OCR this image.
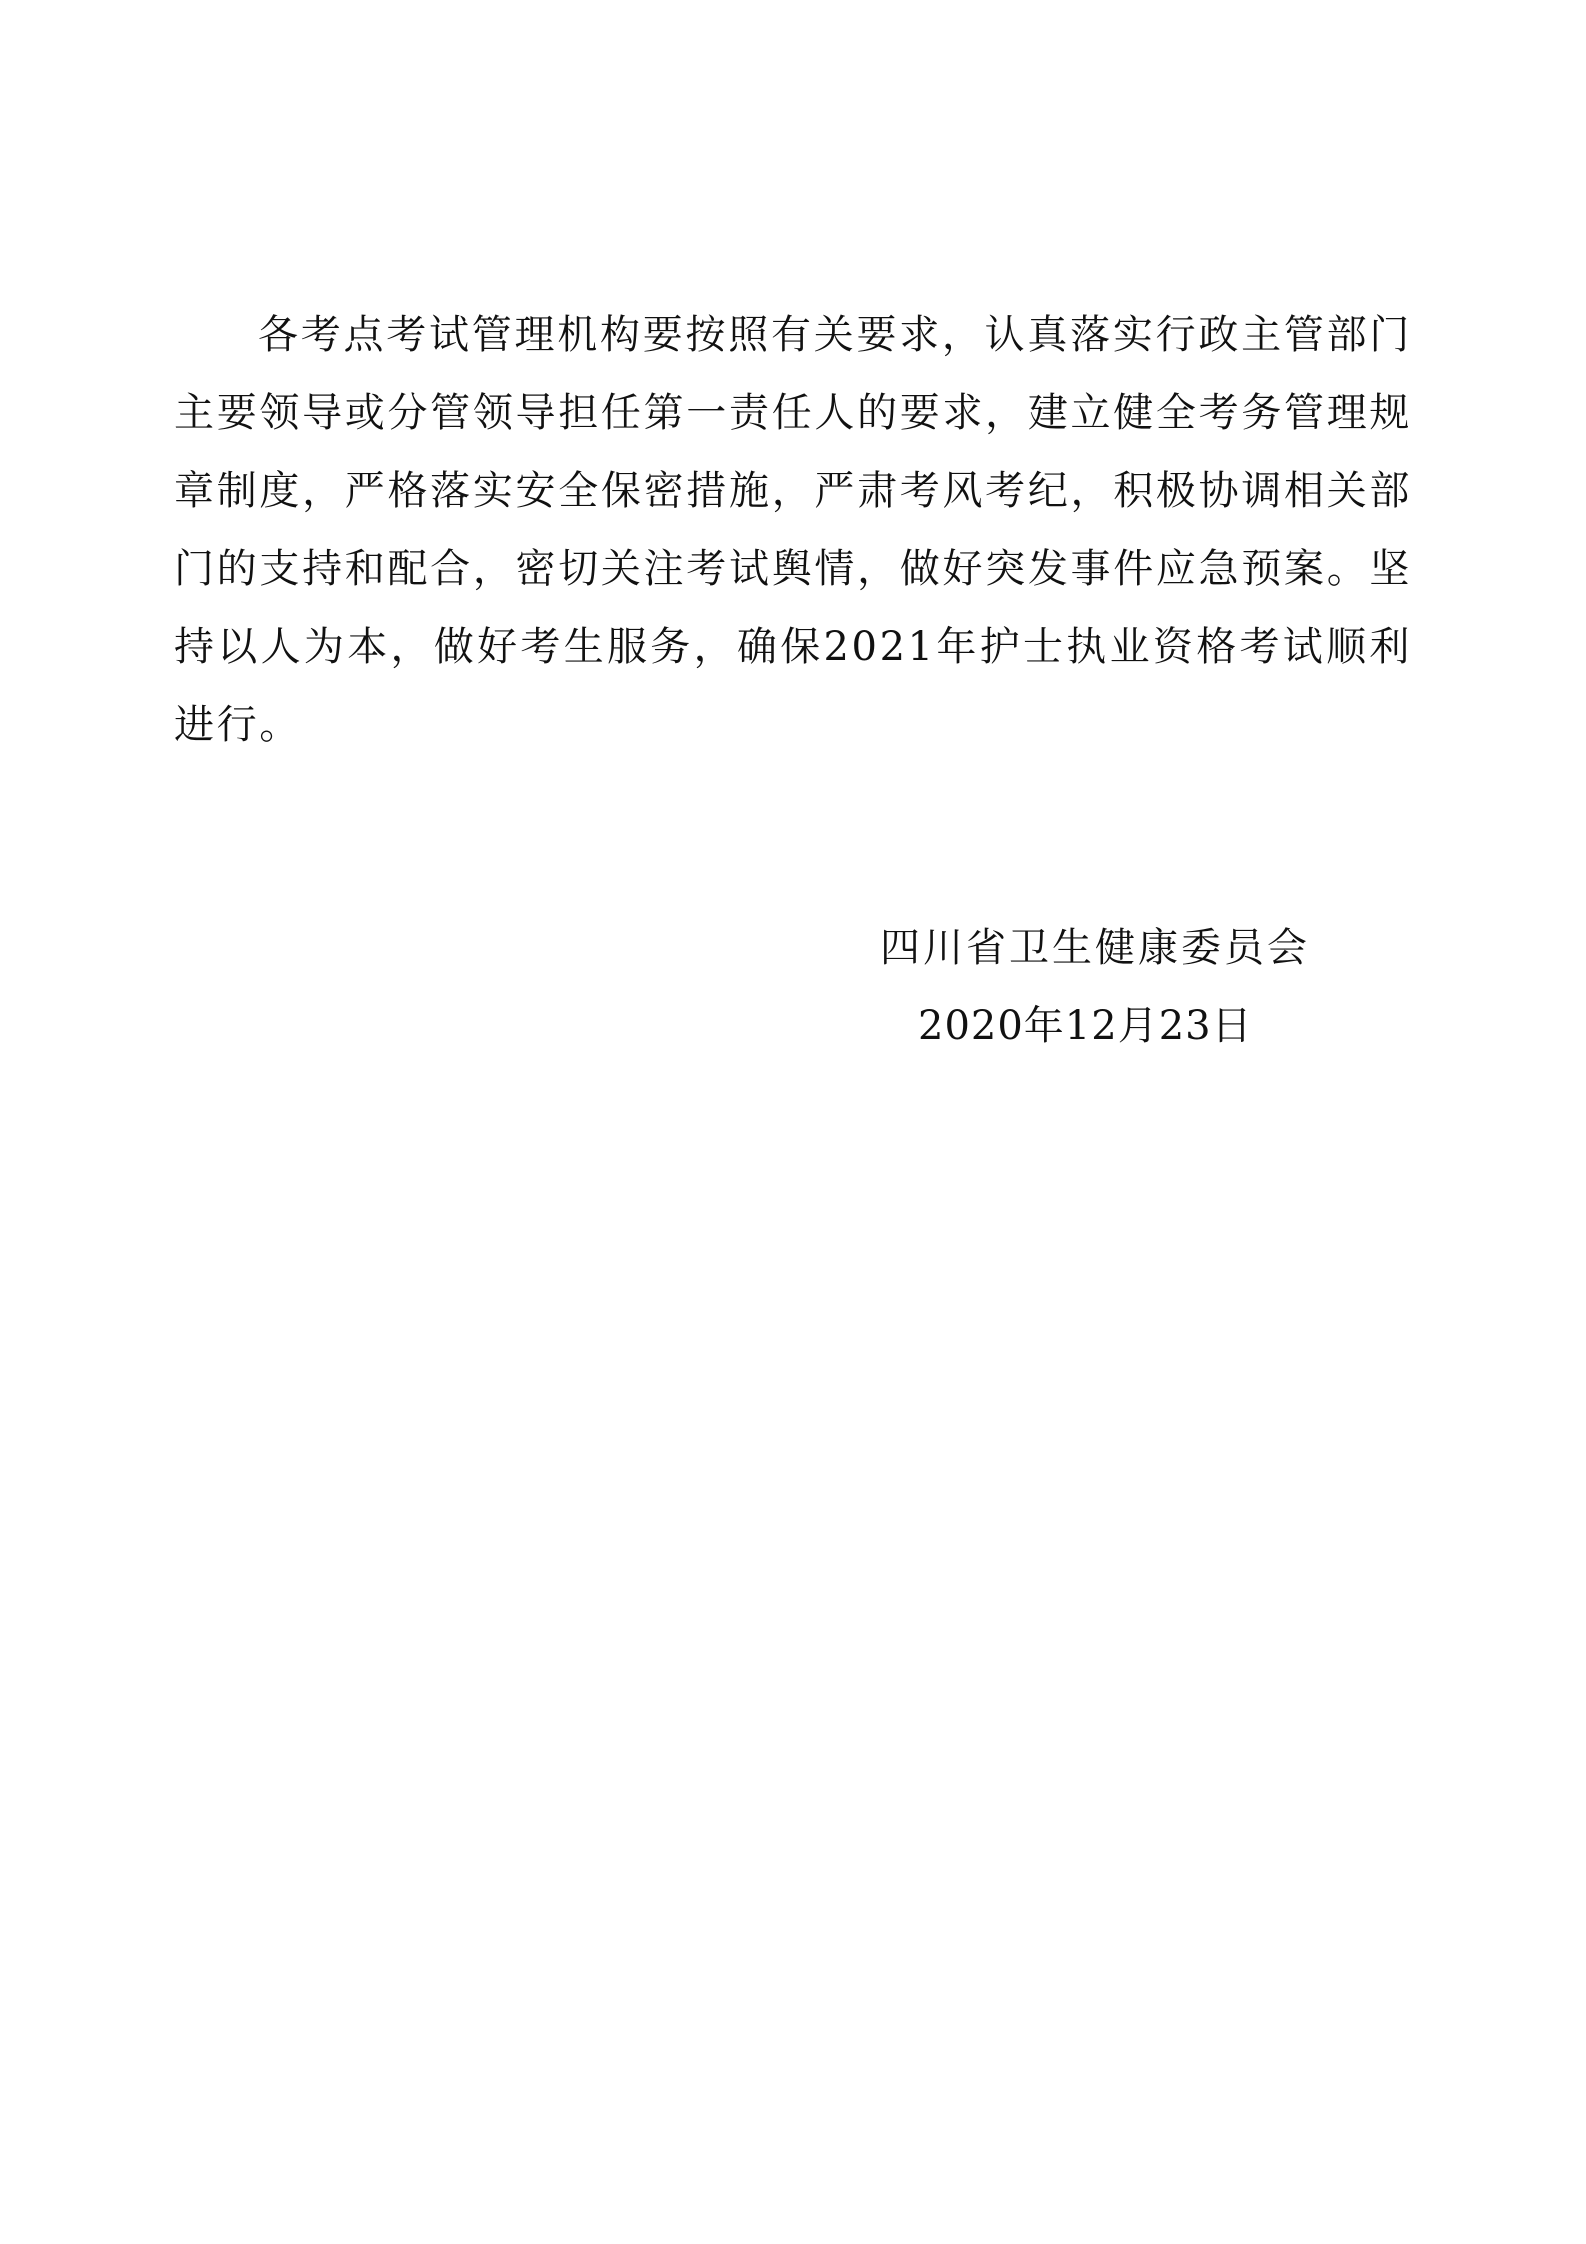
各考点考试管理机构要按照有关要求，认真落实行政主管部门主要领导或分管领导担任第一责任人的要求，建立健全考务管理规章制度，严格落实安全保密措施，严肃考风考纪，积极协调相关部门的支持和配合，密切关注考试舆情，做好突发事件应急预案。坚持以人为本，做好考生服务，确保2021年护士执业资格考试顺利进行。

四川省卫生健康委员会

2020年12月23日
